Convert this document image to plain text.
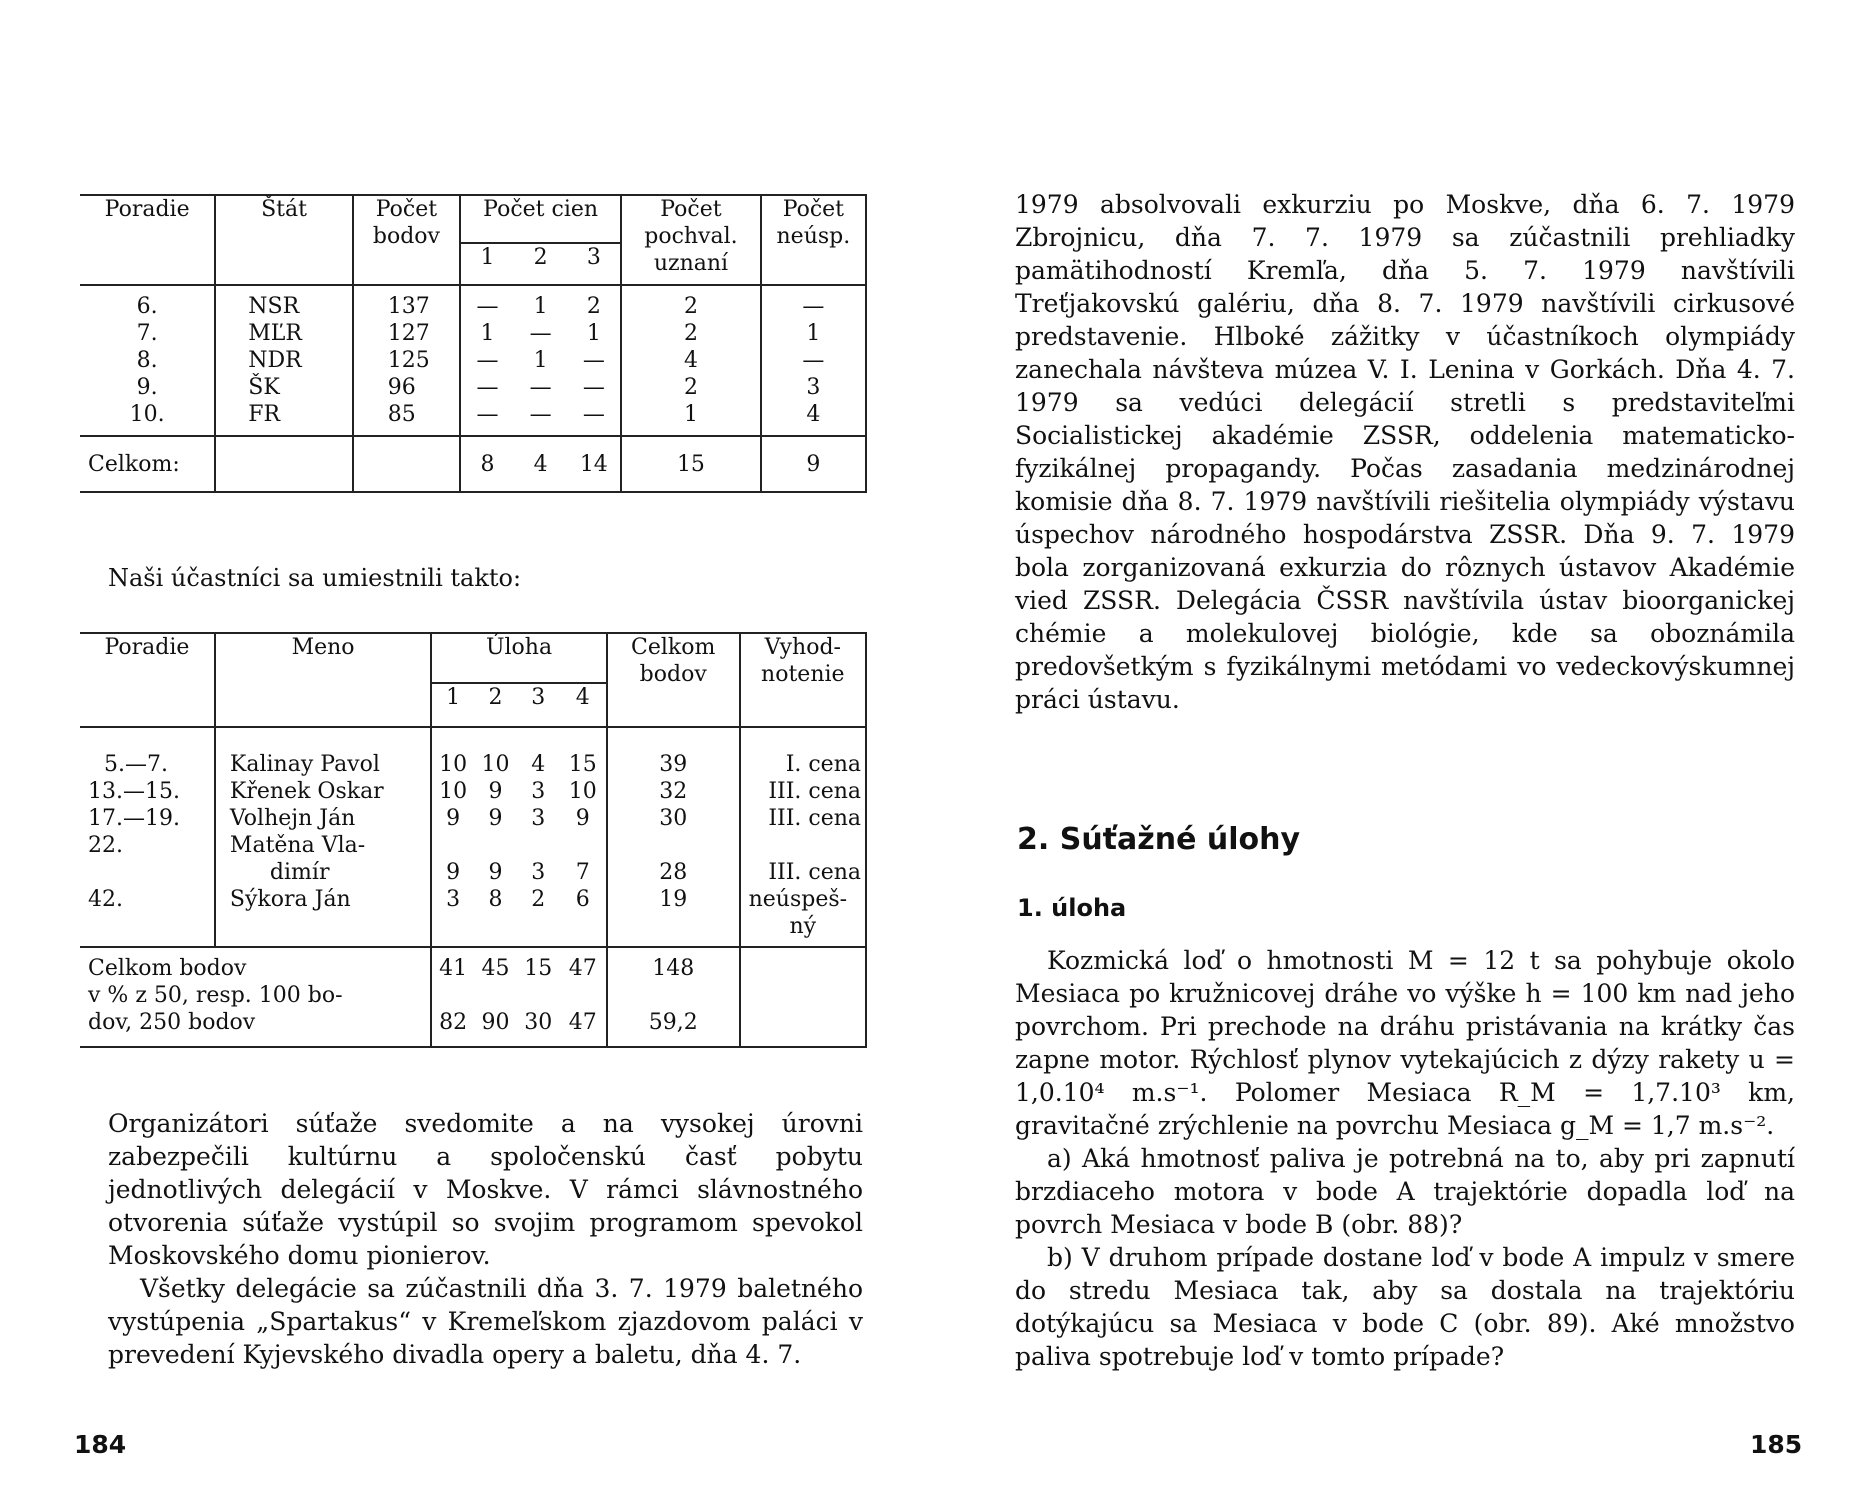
Poradie	Štát	Počet bodov	Počet cien			Počet pochval. uznaní	Počet neúsp.
			1	2	3		

6.	NSR	137	—	1	2	2	—
7.	MĽR	127	1	—	1	2	1
8.	NDR	125	—	1	—	4	—
9.	ŠK	96	—	—	—	2	3
10.	FR	85	—	—	—	1	4

Celkom:			8	4	14	15	9
Naši účastníci sa umiestnili takto:
Poradie	Meno	Úloha				Celkom bodov	Vyhod-notenie
		1	2	3	4		

5.—7.	Kalinay Pavol	10	10	4	15	39	I. cena
13.—15.	Křenek Oskar	10	9	3	10	32	III. cena
17.—19.	Volhejn Ján	9	9	3	9	30	III. cena
22.	Matěna Vla-						
	dimír	9	9	3	7	28	III. cena
42.	Sýkora Ján	3	8	2	6	19	neúspeš-
							ný

Celkom bodov		41	45	15	47	148	
v % z 50, resp. 100 bo-							
dov, 250 bodov		82	90	30	47	59,2	

Organizátori súťaže svedomite a na vysokej úrovni zabezpečili kultúrnu a spoločenskú časť pobytu jednotlivých delegácií v Moskve. V rámci slávnostného otvorenia súťaže vystúpil so svojim programom spevokol Moskovského domu pionierov.

Všetky delegácie sa zúčastnili dňa 3. 7. 1979 baletného vystúpenia „Spartakus“ v Kremeľskom zjazdovom paláci v prevedení Kyjevského divadla opery a baletu, dňa 4. 7.

184

1979 absolvovali exkurziu po Moskve, dňa 6. 7. 1979 Zbrojnicu, dňa 7. 7. 1979 sa zúčastnili prehliadky pamätihodností Kremľa, dňa 5. 7. 1979 navštívili Treťjakovskú galériu, dňa 8. 7. 1979 navštívili cirkusové predstavenie. Hlboké zážitky v účastníkoch olympiády zanechala návšteva múzea V. I. Lenina v Gorkách. Dňa 4. 7. 1979 sa vedúci delegácií stretli s predstaviteľmi Socialistickej akadémie ZSSR, oddelenia matematicko-fyzikálnej propagandy. Počas zasadania medzinárodnej komisie dňa 8. 7. 1979 navštívili riešitelia olympiády výstavu úspechov národného hospodárstva ZSSR. Dňa 9. 7. 1979 bola zorganizovaná exkurzia do rôznych ústavov Akadémie vied ZSSR. Delegácia ČSSR navštívila ústav bioorganickej chémie a molekulovej biológie, kde sa oboznámila predovšetkým s fyzikálnymi metódami vo vedeckovýskumnej práci ústavu.

2. Súťažné úlohy
1. úloha

Kozmická loď o hmotnosti M = 12 t sa pohybuje okolo Mesiaca po kružnicovej dráhe vo výške h = 100 km nad jeho povrchom. Pri prechode na dráhu pristávania na krátky čas zapne motor. Rýchlosť plynov vytekajúcich z dýzy rakety u = 1,0.10⁴ m.s⁻¹. Polomer Mesiaca R_M = 1,7.10³ km, gravitačné zrýchlenie na povrchu Mesiaca g_M = 1,7 m.s⁻².

a) Aká hmotnosť paliva je potrebná na to, aby pri zapnutí brzdiaceho motora v bode A trajektórie dopadla loď na povrch Mesiaca v bode B (obr. 88)?

b) V druhom prípade dostane loď v bode A impulz v smere do stredu Mesiaca tak, aby sa dostala na trajektóriu dotýkajúcu sa Mesiaca v bode C (obr. 89). Aké množstvo paliva spotrebuje loď v tomto prípade?

185
